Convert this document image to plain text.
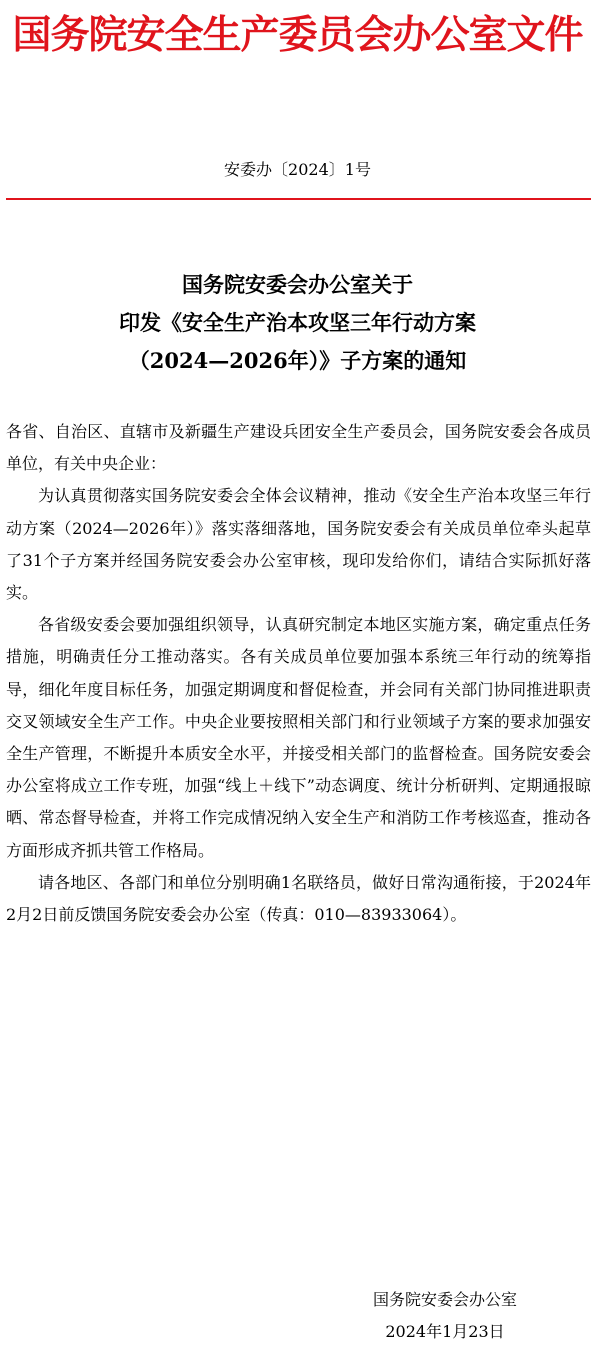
国务院安全生产委员会办公室文件
安委办〔2024〕1号
国务院安委会办公室关于
印发《安全生产治本攻坚三年行动方案
（2024—2026年）》子方案的通知

各省、自治区、直辖市及新疆生产建设兵团安全生产委员会，国务院安委会各成员单位，有关中央企业：

为认真贯彻落实国务院安委会全体会议精神，推动《安全生产治本攻坚三年行动方案（2024—2026年）》落实落细落地，国务院安委会有关成员单位牵头起草了31个子方案并经国务院安委会办公室审核，现印发给你们，请结合实际抓好落实。

各省级安委会要加强组织领导，认真研究制定本地区实施方案，确定重点任务措施，明确责任分工推动落实。各有关成员单位要加强本系统三年行动的统筹指导，细化年度目标任务，加强定期调度和督促检查，并会同有关部门协同推进职责交叉领域安全生产工作。中央企业要按照相关部门和行业领域子方案的要求加强安全生产管理，不断提升本质安全水平，并接受相关部门的监督检查。国务院安委会办公室将成立工作专班，加强“线上＋线下”动态调度、统计分析研判、定期通报晾晒、常态督导检查，并将工作完成情况纳入安全生产和消防工作考核巡查，推动各方面形成齐抓共管工作格局。

请各地区、各部门和单位分别明确1名联络员，做好日常沟通衔接，于2024年2月2日前反馈国务院安委会办公室（传真：010—83933064）。

国务院安委会办公室
2024年1月23日
